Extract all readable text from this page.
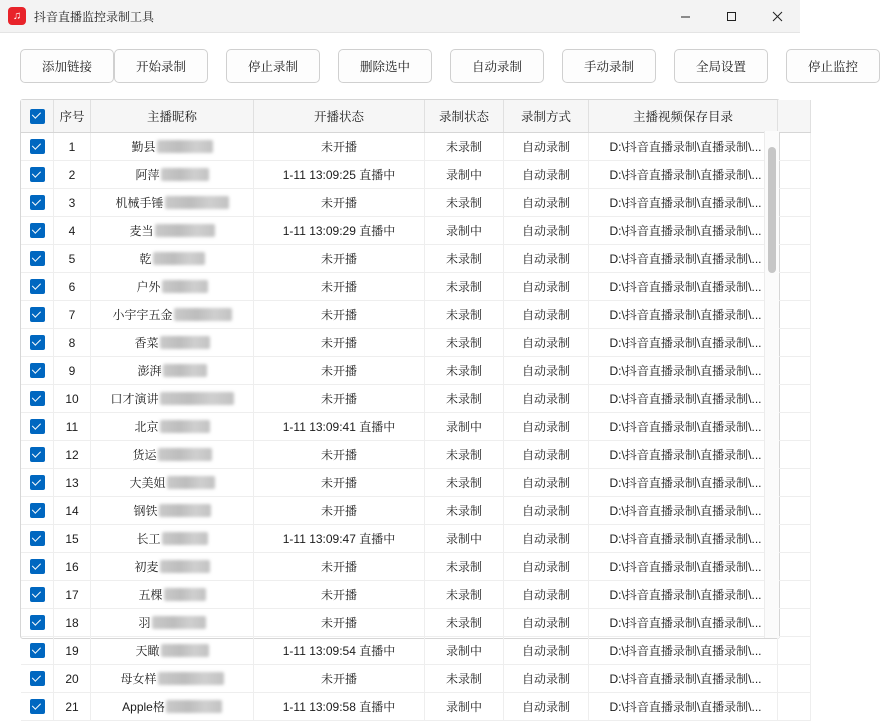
♫	抖音直播监控录制工具
添加链接	开始录制	停止录制	删除选中	自动录制	手动录制	全局设置	停止监控
	序号	主播昵称	开播状态	录制状态	录制方式	主播视频保存目录	
	1	勤县	未开播	未录制	自动录制	D:\抖音直播录制\直播录制\...	
	2	阿萍	1-11 13:09:25 直播中	录制中	自动录制	D:\抖音直播录制\直播录制\...	
	3	机械手锤	未开播	未录制	自动录制	D:\抖音直播录制\直播录制\...	
	4	麦当	1-11 13:09:29 直播中	录制中	自动录制	D:\抖音直播录制\直播录制\...	
	5	乾	未开播	未录制	自动录制	D:\抖音直播录制\直播录制\...	
	6	户外	未开播	未录制	自动录制	D:\抖音直播录制\直播录制\...	
	7	小宇宇五金	未开播	未录制	自动录制	D:\抖音直播录制\直播录制\...	
	8	香菜	未开播	未录制	自动录制	D:\抖音直播录制\直播录制\...	
	9	澎湃	未开播	未录制	自动录制	D:\抖音直播录制\直播录制\...	
	10	口才演讲	未开播	未录制	自动录制	D:\抖音直播录制\直播录制\...	
	11	北京	1-11 13:09:41 直播中	录制中	自动录制	D:\抖音直播录制\直播录制\...	
	12	货运	未开播	未录制	自动录制	D:\抖音直播录制\直播录制\...	
	13	大美姐	未开播	未录制	自动录制	D:\抖音直播录制\直播录制\...	
	14	钢铁	未开播	未录制	自动录制	D:\抖音直播录制\直播录制\...	
	15	长工	1-11 13:09:47 直播中	录制中	自动录制	D:\抖音直播录制\直播录制\...	
	16	初麦	未开播	未录制	自动录制	D:\抖音直播录制\直播录制\...	
	17	五棵	未开播	未录制	自动录制	D:\抖音直播录制\直播录制\...	
	18	羽	未开播	未录制	自动录制	D:\抖音直播录制\直播录制\...	
	19	天瞰	1-11 13:09:54 直播中	录制中	自动录制	D:\抖音直播录制\直播录制\...	
	20	母女样	未开播	未录制	自动录制	D:\抖音直播录制\直播录制\...	
	21	Apple格	1-11 13:09:58 直播中	录制中	自动录制	D:\抖音直播录制\直播录制\...	
